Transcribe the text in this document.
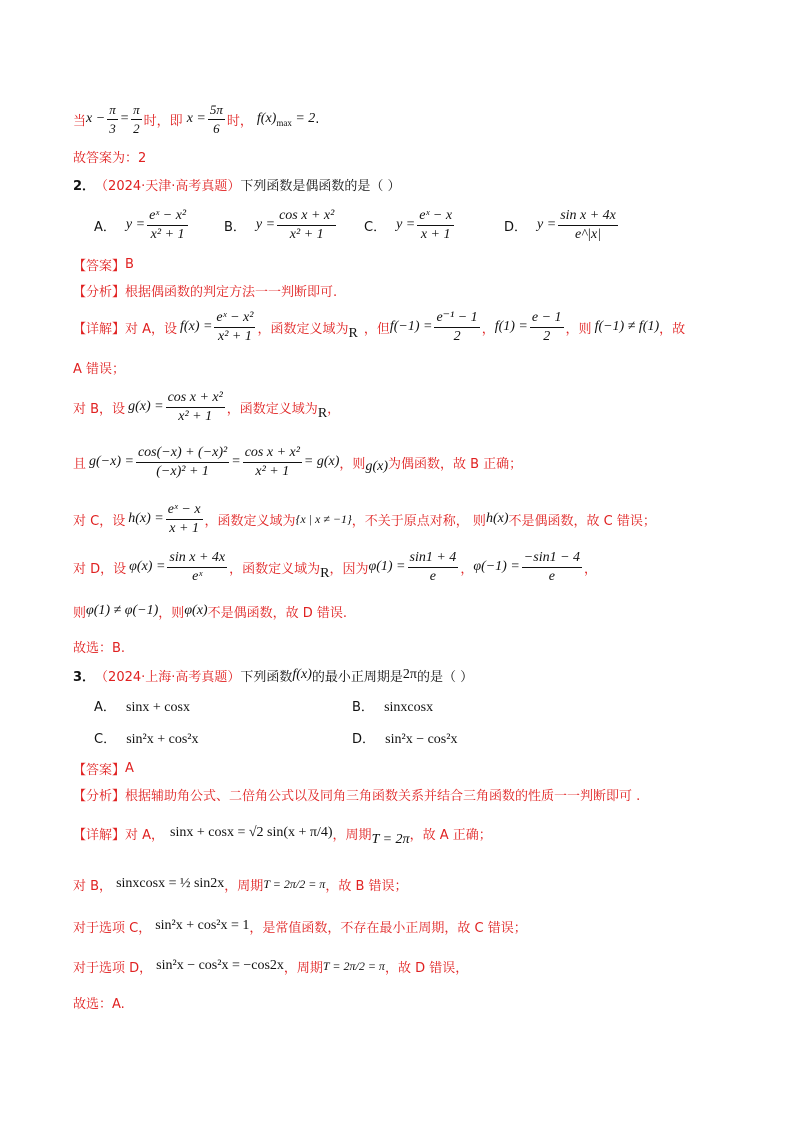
当 $x - \frac{\pi}{3} = \frac{\pi}{2}$ 时，即 $x = \frac{5\pi}{6}$ 时， $f(x)_{max} = 2$ .
故答案为：2
2． （2024·天津·高考真题） 下列函数是偶函数的是（ ）
A． $y = \frac{\text{eˣ − x²}}{\text{x² + 1}}$	B． $y = \frac{\text{cos x + x²}}{\text{x² + 1}}$ C． $y = \frac{\text{eˣ − x}}{x + 1}$	D． $y = \frac{\text{sin x + 4x}}{e\^{}|x|}$
【答案】 B
【分析】 根据偶函数的判定方法一一判断即可.
【详解】 对 A，设 $f(x) = \frac{\text{eˣ − x²}}{\text{x² + 1}}$ ，函数定义域为 R ，但 $f(-1) = \frac{\text{e⁻¹ − 1}}{2}$ ， $f(1) = \frac{e - 1}{2}$ ，则 f(−1) ≠ f(1) ，故
A 错误；
对 B，设 $g(x) = \frac{\text{cos x + x²}}{\text{x² + 1}}$ ，函数定义域为 R ，
且 $g(-x) = \frac{\text{cos(−x) + (−x)²}}{\text{(−x)² + 1}} = \frac{\text{cos x + x²}}{\text{x² + 1}} = g(x)$ ，则 g(x) 为偶函数，故 B 正确；
对 C，设 $h(x) = \frac{\text{eˣ − x}}{x + 1}$ ，函数定义域为 {x | x ≠ −1} ，不关于原点对称， 则 h(x) 不是偶函数，故 C 错误；
对 D，设 $\varphi(x) = \frac{\text{sin x + 4x}}{\text{eˣ}}$ ，函数定义域为 R ，因为 $\varphi(1) = \frac{\sin 1 + 4}{e}$ ， $\varphi(-1) = \frac{-\sin 1 - 4}{e}$ ，
则 φ(1) ≠ φ(−1) ，则 φ(x) 不是偶函数，故 D 错误.
故选：B.
3． （2024·上海·高考真题） 下列函数 f(x) 的最小正周期是 2π 的是（ ）
A． sinx + cosx	B． sinxcosx
C． sin²x + cos²x	D． sin²x − cos²x
【答案】 A
【分析】 根据辅助角公式、二倍角公式以及同角三角函数关系并结合三角函数的性质一一判断即可 .
【详解】 对 A， sinx + cosx = √2 sin(x + π/4) ，周期 T = 2π ，故 A 正确；
对 B， sinxcosx = ½ sin2x ，周期 T = 2π/2 = π ，故 B 错误；
对于选项 C， sin²x + cos²x = 1 ，是常值函数，不存在最小正周期，故 C 错误；
对于选项 D， sin²x − cos²x = −cos2x ，周期 T = 2π/2 = π ，故 D 错误，
故选：A.
